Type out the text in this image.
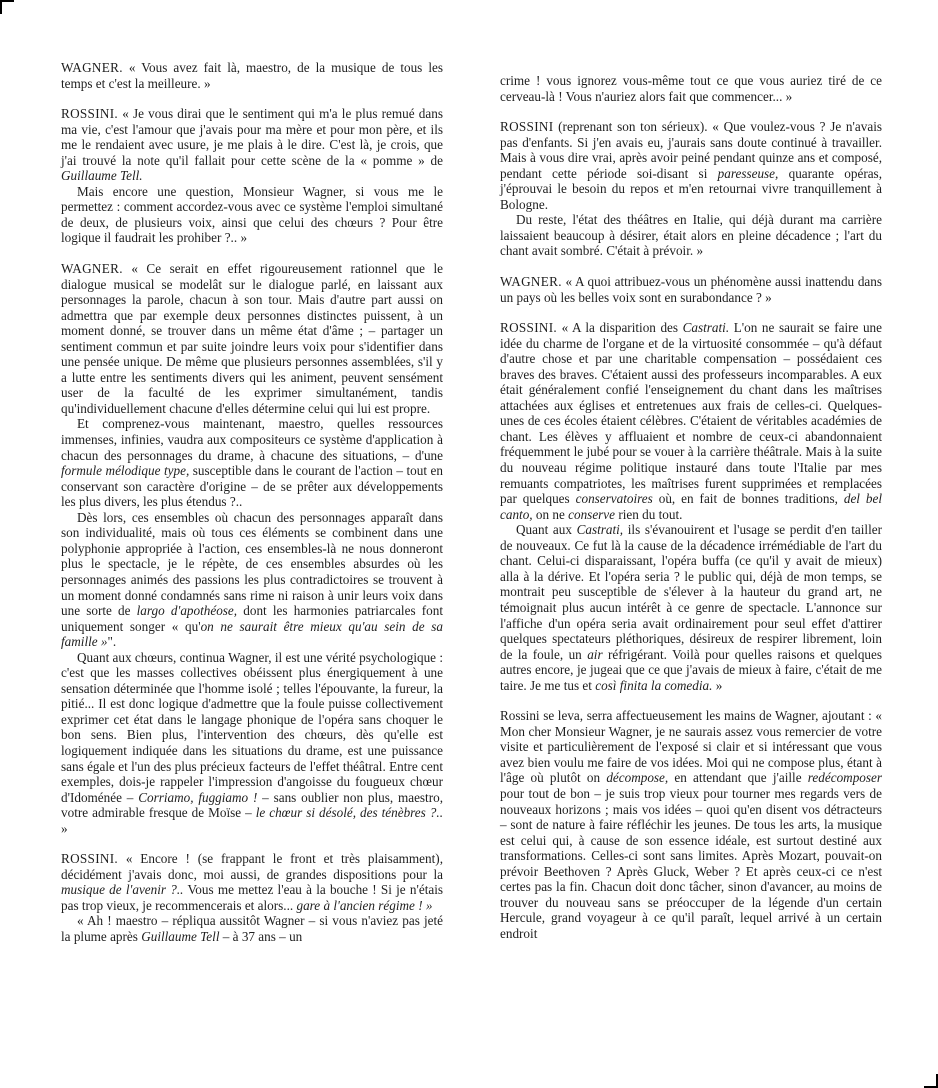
WAGNER. « Vous avez fait là, maestro, de la musique de tous les temps et c'est la meilleure. »

ROSSINI. « Je vous dirai que le sentiment qui m'a le plus remué dans ma vie, c'est l'amour que j'avais pour ma mère et pour mon père, et ils me le rendaient avec usure, je me plais à le dire. C'est là, je crois, que j'ai trouvé la note qu'il fallait pour cette scène de la « pomme » de Guillaume Tell.

Mais encore une question, Monsieur Wagner, si vous me le permettez : comment accordez-vous avec ce système l'emploi simultané de deux, de plusieurs voix, ainsi que celui des chœurs ? Pour être logique il faudrait les prohiber ?.. »

WAGNER. « Ce serait en effet rigoureusement rationnel que le dialogue musical se modelât sur le dialogue parlé, en laissant aux personnages la parole, chacun à son tour. Mais d'autre part aussi on admettra que par exemple deux personnes distinctes puissent, à un moment donné, se trouver dans un même état d'âme ; – partager un sentiment commun et par suite joindre leurs voix pour s'identifier dans une pensée unique. De même que plusieurs personnes assemblées, s'il y a lutte entre les sentiments divers qui les animent, peuvent sensément user de la faculté de les exprimer simultanément, tandis qu'individuellement chacune d'elles détermine celui qui lui est propre.

Et comprenez-vous maintenant, maestro, quelles ressources immenses, infinies, vaudra aux compositeurs ce système d'application à chacun des personnages du drame, à chacune des situations, – d'une formule mélodique type, susceptible dans le courant de l'action – tout en conservant son caractère d'origine – de se prêter aux développements les plus divers, les plus étendus ?..

Dès lors, ces ensembles où chacun des personnages apparaît dans son individualité, mais où tous ces éléments se combinent dans une polyphonie appropriée à l'action, ces ensembles-là ne nous donneront plus le spectacle, je le répète, de ces ensembles absurdes où les personnages animés des passions les plus contradictoires se trouvent à un moment donné condamnés sans rime ni raison à unir leurs voix dans une sorte de largo d'apothéose, dont les harmonies patriarcales font uniquement songer « qu'on ne saurait être mieux qu'au sein de sa famille »".

Quant aux chœurs, continua Wagner, il est une vérité psychologique : c'est que les masses collectives obéissent plus énergiquement à une sensation déterminée que l'homme isolé ; telles l'épouvante, la fureur, la pitié... Il est donc logique d'admettre que la foule puisse collectivement exprimer cet état dans le langage phonique de l'opéra sans choquer le bon sens. Bien plus, l'intervention des chœurs, dès qu'elle est logiquement indiquée dans les situations du drame, est une puissance sans égale et l'un des plus précieux facteurs de l'effet théâtral. Entre cent exemples, dois-je rappeler l'impression d'angoisse du fougueux chœur d'Idoménée – Corriamo, fuggiamo ! – sans oublier non plus, maestro, votre admirable fresque de Moïse – le chœur si désolé, des ténèbres ?.. »

ROSSINI. « Encore ! (se frappant le front et très plaisamment), décidément j'avais donc, moi aussi, de grandes dispositions pour la musique de l'avenir ?.. Vous me mettez l'eau à la bouche ! Si je n'étais pas trop vieux, je recommencerais et alors... gare à l'ancien régime ! »

« Ah ! maestro – répliqua aussitôt Wagner – si vous n'aviez pas jeté la plume après Guillaume Tell – à 37 ans – un

crime ! vous ignorez vous-même tout ce que vous auriez tiré de ce cerveau-là ! Vous n'auriez alors fait que commencer... »

ROSSINI (reprenant son ton sérieux). « Que voulez-vous ? Je n'avais pas d'enfants. Si j'en avais eu, j'aurais sans doute continué à travailler. Mais à vous dire vrai, après avoir peiné pendant quinze ans et composé, pendant cette période soi-disant si paresseuse, quarante opéras, j'éprouvai le besoin du repos et m'en retournai vivre tranquillement à Bologne.

Du reste, l'état des théâtres en Italie, qui déjà durant ma carrière laissaient beaucoup à désirer, était alors en pleine décadence ; l'art du chant avait sombré. C'était à prévoir. »

WAGNER. « A quoi attribuez-vous un phénomène aussi inattendu dans un pays où les belles voix sont en surabondance ? »

ROSSINI. « A la disparition des Castrati. L'on ne saurait se faire une idée du charme de l'organe et de la virtuosité consommée – qu'à défaut d'autre chose et par une charitable compensation – possédaient ces braves des braves. C'étaient aussi des professeurs incomparables. A eux était généralement confié l'enseignement du chant dans les maîtrises attachées aux églises et entretenues aux frais de celles-ci. Quelques-unes de ces écoles étaient célèbres. C'étaient de véritables académies de chant. Les élèves y affluaient et nombre de ceux-ci abandonnaient fréquemment le jubé pour se vouer à la carrière théâtrale. Mais à la suite du nouveau régime politique instauré dans toute l'Italie par mes remuants compatriotes, les maîtrises furent supprimées et remplacées par quelques conservatoires où, en fait de bonnes traditions, del bel canto, on ne conserve rien du tout.

Quant aux Castrati, ils s'évanouirent et l'usage se perdit d'en tailler de nouveaux. Ce fut là la cause de la décadence irrémédiable de l'art du chant. Celui-ci disparaissant, l'opéra buffa (ce qu'il y avait de mieux) alla à la dérive. Et l'opéra seria ? le public qui, déjà de mon temps, se montrait peu susceptible de s'élever à la hauteur du grand art, ne témoignait plus aucun intérêt à ce genre de spectacle. L'annonce sur l'affiche d'un opéra seria avait ordinairement pour seul effet d'attirer quelques spectateurs pléthoriques, désireux de respirer librement, loin de la foule, un air réfrigérant. Voilà pour quelles raisons et quelques autres encore, je jugeai que ce que j'avais de mieux à faire, c'était de me taire. Je me tus et così finita la comedia. »

Rossini se leva, serra affectueusement les mains de Wagner, ajoutant : « Mon cher Monsieur Wagner, je ne saurais assez vous remercier de votre visite et particulièrement de l'exposé si clair et si intéressant que vous avez bien voulu me faire de vos idées. Moi qui ne compose plus, étant à l'âge où plutôt on décompose, en attendant que j'aille redécomposer pour tout de bon – je suis trop vieux pour tourner mes regards vers de nouveaux horizons ; mais vos idées – quoi qu'en disent vos détracteurs – sont de nature à faire réfléchir les jeunes. De tous les arts, la musique est celui qui, à cause de son essence idéale, est surtout destiné aux transformations. Celles-ci sont sans limites. Après Mozart, pouvait-on prévoir Beethoven ? Après Gluck, Weber ? Et après ceux-ci ce n'est certes pas la fin. Chacun doit donc tâcher, sinon d'avancer, au moins de trouver du nouveau sans se préoccuper de la légende d'un certain Hercule, grand voyageur à ce qu'il paraît, lequel arrivé à un certain endroit
